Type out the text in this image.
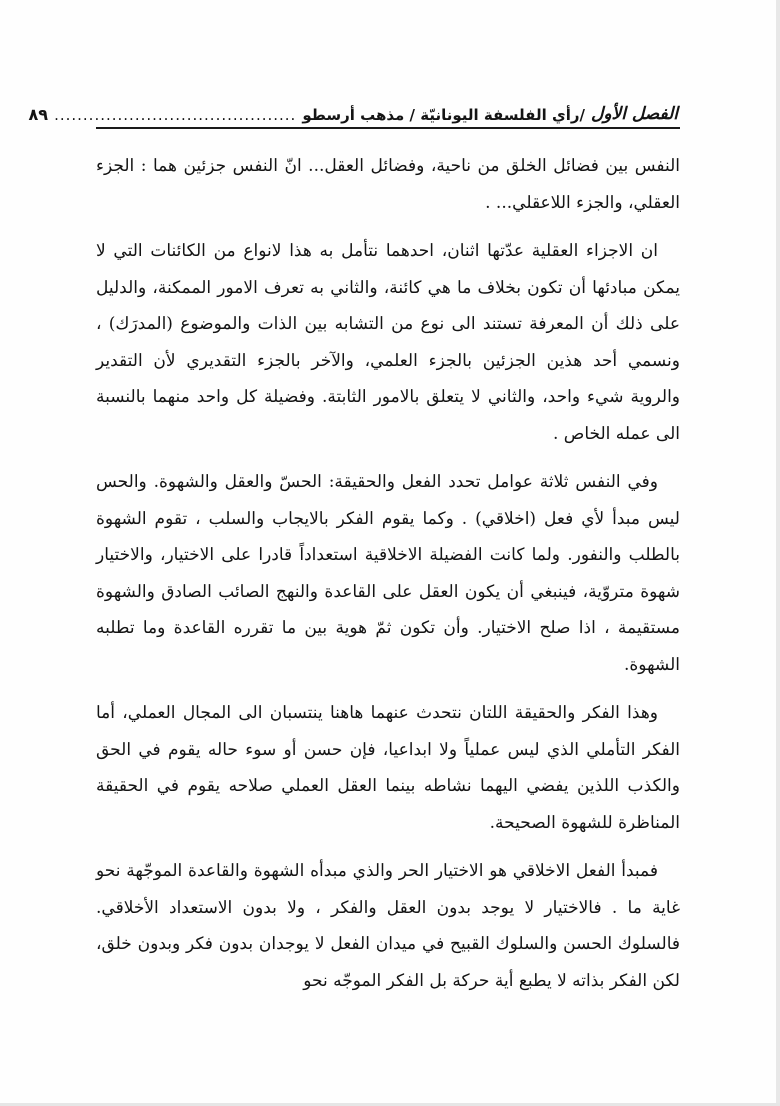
الفصل الأول
/رأي الفلسفة اليونانيّة / مذهب أرسطو
..........................................
٨٩

النفس بين فضائل الخلق من ناحية، وفضائل العقل... انّ النفس جزئين هما : الجزء العقلي، والجزء اللاعقلي... .

ان الاجزاء العقلية عدّتها اثنان، احدهما نتأمل به هذا لانواع من الكائنات التي لا يمكن مبادئها أن تكون بخلاف ما هي كائنة، والثاني به تعرف الامور الممكنة، والدليل على ذلك أن المعرفة تستند الى نوع من التشابه بين الذات والموضوع (المدرَك) ، ونسمي أحد هذين الجزئين بالجزء العلمي، والآخر بالجزء التقديري لأن التقدير والروية شيء واحد، والثاني لا يتعلق بالامور الثابتة. وفضيلة كل واحد منهما بالنسبة الى عمله الخاص .

وفي النفس ثلاثة عوامل تحدد الفعل والحقيقة: الحسّ والعقل والشهوة. والحس ليس مبدأ لأي فعل (اخلاقي) . وكما يقوم الفكر بالايجاب والسلب ، تقوم الشهوة بالطلب والنفور. ولما كانت الفضيلة الاخلاقية استعداداً قادرا على الاختيار، والاختيار شهوة متروّية، فينبغي أن يكون العقل على القاعدة والنهج الصائب الصادق والشهوة مستقيمة ، اذا صلح الاختيار. وأن تكون ثمّ هوية بين ما تقرره القاعدة وما تطلبه الشهوة.

وهذا الفكر والحقيقة اللتان نتحدث عنهما هاهنا ينتسبان الى المجال العملي، أما الفكر التأملي الذي ليس عملياً ولا ابداعيا، فإن حسن أو سوء حاله يقوم في الحق والكذب اللذين يفضي اليهما نشاطه بينما العقل العملي صلاحه يقوم في الحقيقة المناظرة للشهوة الصحيحة.

فمبدأ الفعل الاخلاقي هو الاختيار الحر والذي مبدأه الشهوة والقاعدة الموجّهة نحو غاية ما . فالاختيار لا يوجد بدون العقل والفكر ، ولا بدون الاستعداد الأخلاقي. فالسلوك الحسن والسلوك القبيح في ميدان الفعل لا يوجدان بدون فكر وبدون خلق، لكن الفكر بذاته لا يطبع أية حركة بل الفكر الموجّه نحو
